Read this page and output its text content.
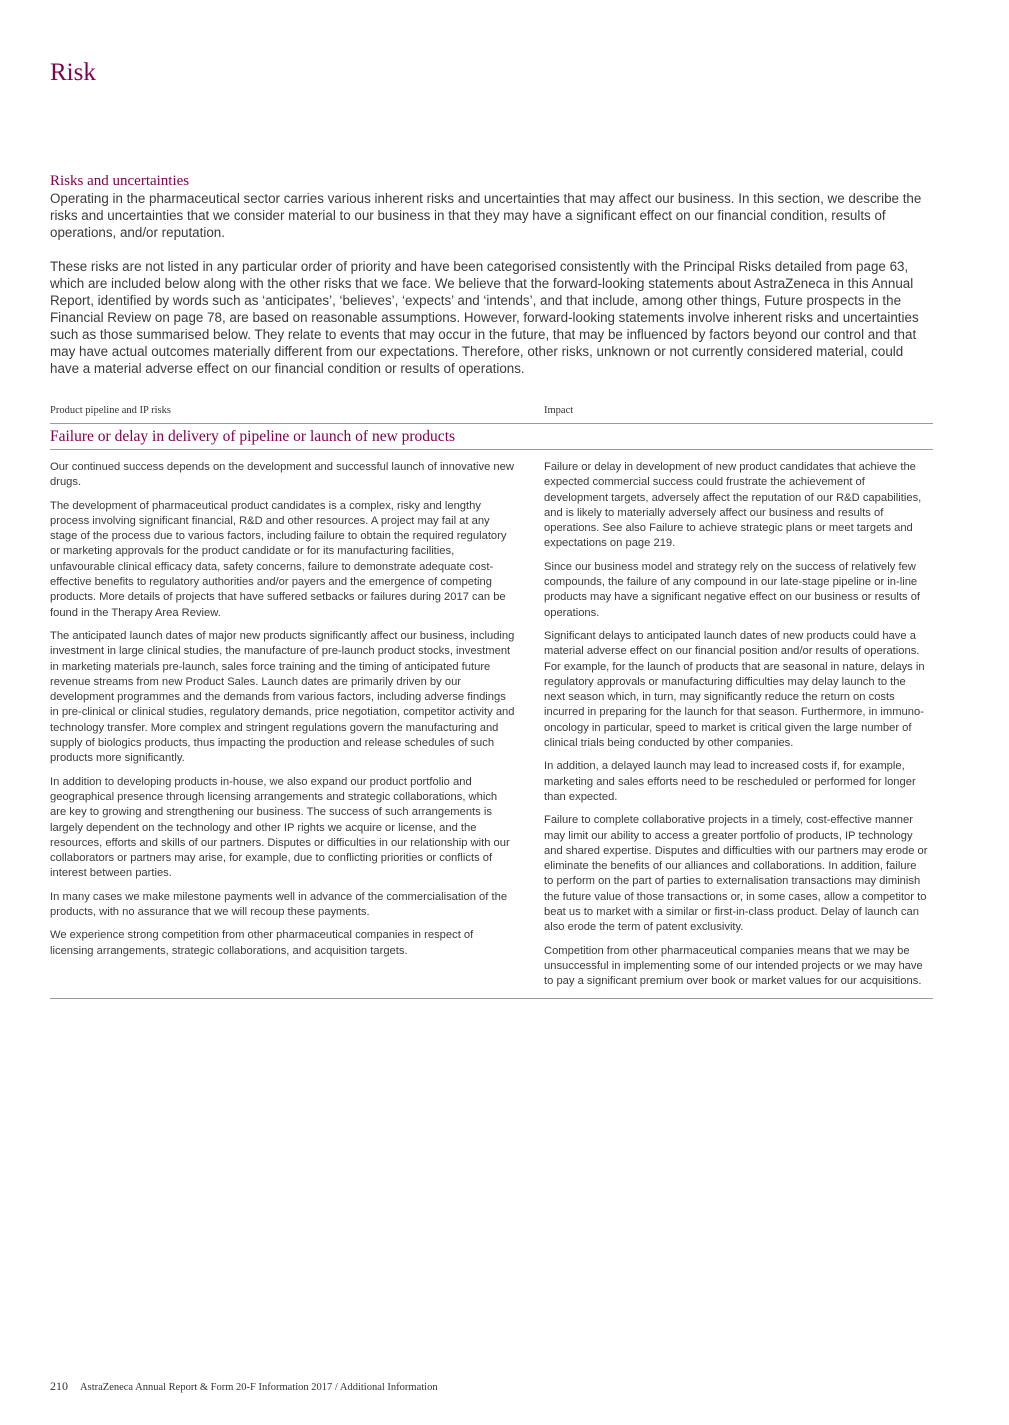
Risk
Risks and uncertainties

Operating in the pharmaceutical sector carries various inherent risks and uncertainties that may affect our business. In this section, we describe the risks and uncertainties that we consider material to our business in that they may have a significant effect on our financial condition, results of operations, and/or reputation.

These risks are not listed in any particular order of priority and have been categorised consistently with the Principal Risks detailed from page 63, which are included below along with the other risks that we face. We believe that the forward-looking statements about AstraZeneca in this Annual Report, identified by words such as ‘anticipates’, ‘believes’, ‘expects’ and ‘intends’, and that include, among other things, Future prospects in the Financial Review on page 78, are based on reasonable assumptions. However, forward-looking statements involve inherent risks and uncertainties such as those summarised below. They relate to events that may occur in the future, that may be influenced by factors beyond our control and that may have actual outcomes materially different from our expectations. Therefore, other risks, unknown or not currently considered material, could have a material adverse effect on our financial condition or results of operations.

Product pipeline and IP risks	Impact
Failure or delay in delivery of pipeline or launch of new products

Our continued success depends on the development and successful launch of innovative new drugs.

The development of pharmaceutical product candidates is a complex, risky and lengthy process involving significant financial, R&D and other resources. A project may fail at any stage of the process due to various factors, including failure to obtain the required regulatory or marketing approvals for the product candidate or for its manufacturing facilities, unfavourable clinical efficacy data, safety concerns, failure to demonstrate adequate cost-effective benefits to regulatory authorities and/or payers and the emergence of competing products. More details of projects that have suffered setbacks or failures during 2017 can be found in the Therapy Area Review.

The anticipated launch dates of major new products significantly affect our business, including investment in large clinical studies, the manufacture of pre-launch product stocks, investment in marketing materials pre-launch, sales force training and the timing of anticipated future revenue streams from new Product Sales. Launch dates are primarily driven by our development programmes and the demands from various factors, including adverse findings in pre-clinical or clinical studies, regulatory demands, price negotiation, competitor activity and technology transfer. More complex and stringent regulations govern the manufacturing and supply of biologics products, thus impacting the production and release schedules of such products more significantly.

In addition to developing products in-house, we also expand our product portfolio and geographical presence through licensing arrangements and strategic collaborations, which are key to growing and strengthening our business. The success of such arrangements is largely dependent on the technology and other IP rights we acquire or license, and the resources, efforts and skills of our partners. Disputes or difficulties in our relationship with our collaborators or partners may arise, for example, due to conflicting priorities or conflicts of interest between parties.

In many cases we make milestone payments well in advance of the commercialisation of the products, with no assurance that we will recoup these payments.

We experience strong competition from other pharmaceutical companies in respect of licensing arrangements, strategic collaborations, and acquisition targets.

Failure or delay in development of new product candidates that achieve the expected commercial success could frustrate the achievement of development targets, adversely affect the reputation of our R&D capabilities, and is likely to materially adversely affect our business and results of operations. See also Failure to achieve strategic plans or meet targets and expectations on page 219.

Since our business model and strategy rely on the success of relatively few compounds, the failure of any compound in our late-stage pipeline or in-line products may have a significant negative effect on our business or results of operations.

Significant delays to anticipated launch dates of new products could have a material adverse effect on our financial position and/or results of operations. For example, for the launch of products that are seasonal in nature, delays in regulatory approvals or manufacturing difficulties may delay launch to the next season which, in turn, may significantly reduce the return on costs incurred in preparing for the launch for that season. Furthermore, in immuno-oncology in particular, speed to market is critical given the large number of clinical trials being conducted by other companies.

In addition, a delayed launch may lead to increased costs if, for example, marketing and sales efforts need to be rescheduled or performed for longer than expected.

Failure to complete collaborative projects in a timely, cost-effective manner may limit our ability to access a greater portfolio of products, IP technology and shared expertise. Disputes and difficulties with our partners may erode or eliminate the benefits of our alliances and collaborations. In addition, failure to perform on the part of parties to externalisation transactions may diminish the future value of those transactions or, in some cases, allow a competitor to beat us to market with a similar or first-in-class product. Delay of launch can also erode the term of patent exclusivity.

Competition from other pharmaceutical companies means that we may be unsuccessful in implementing some of our intended projects or we may have to pay a significant premium over book or market values for our acquisitions.

210 AstraZeneca Annual Report & Form 20-F Information 2017 / Additional Information
